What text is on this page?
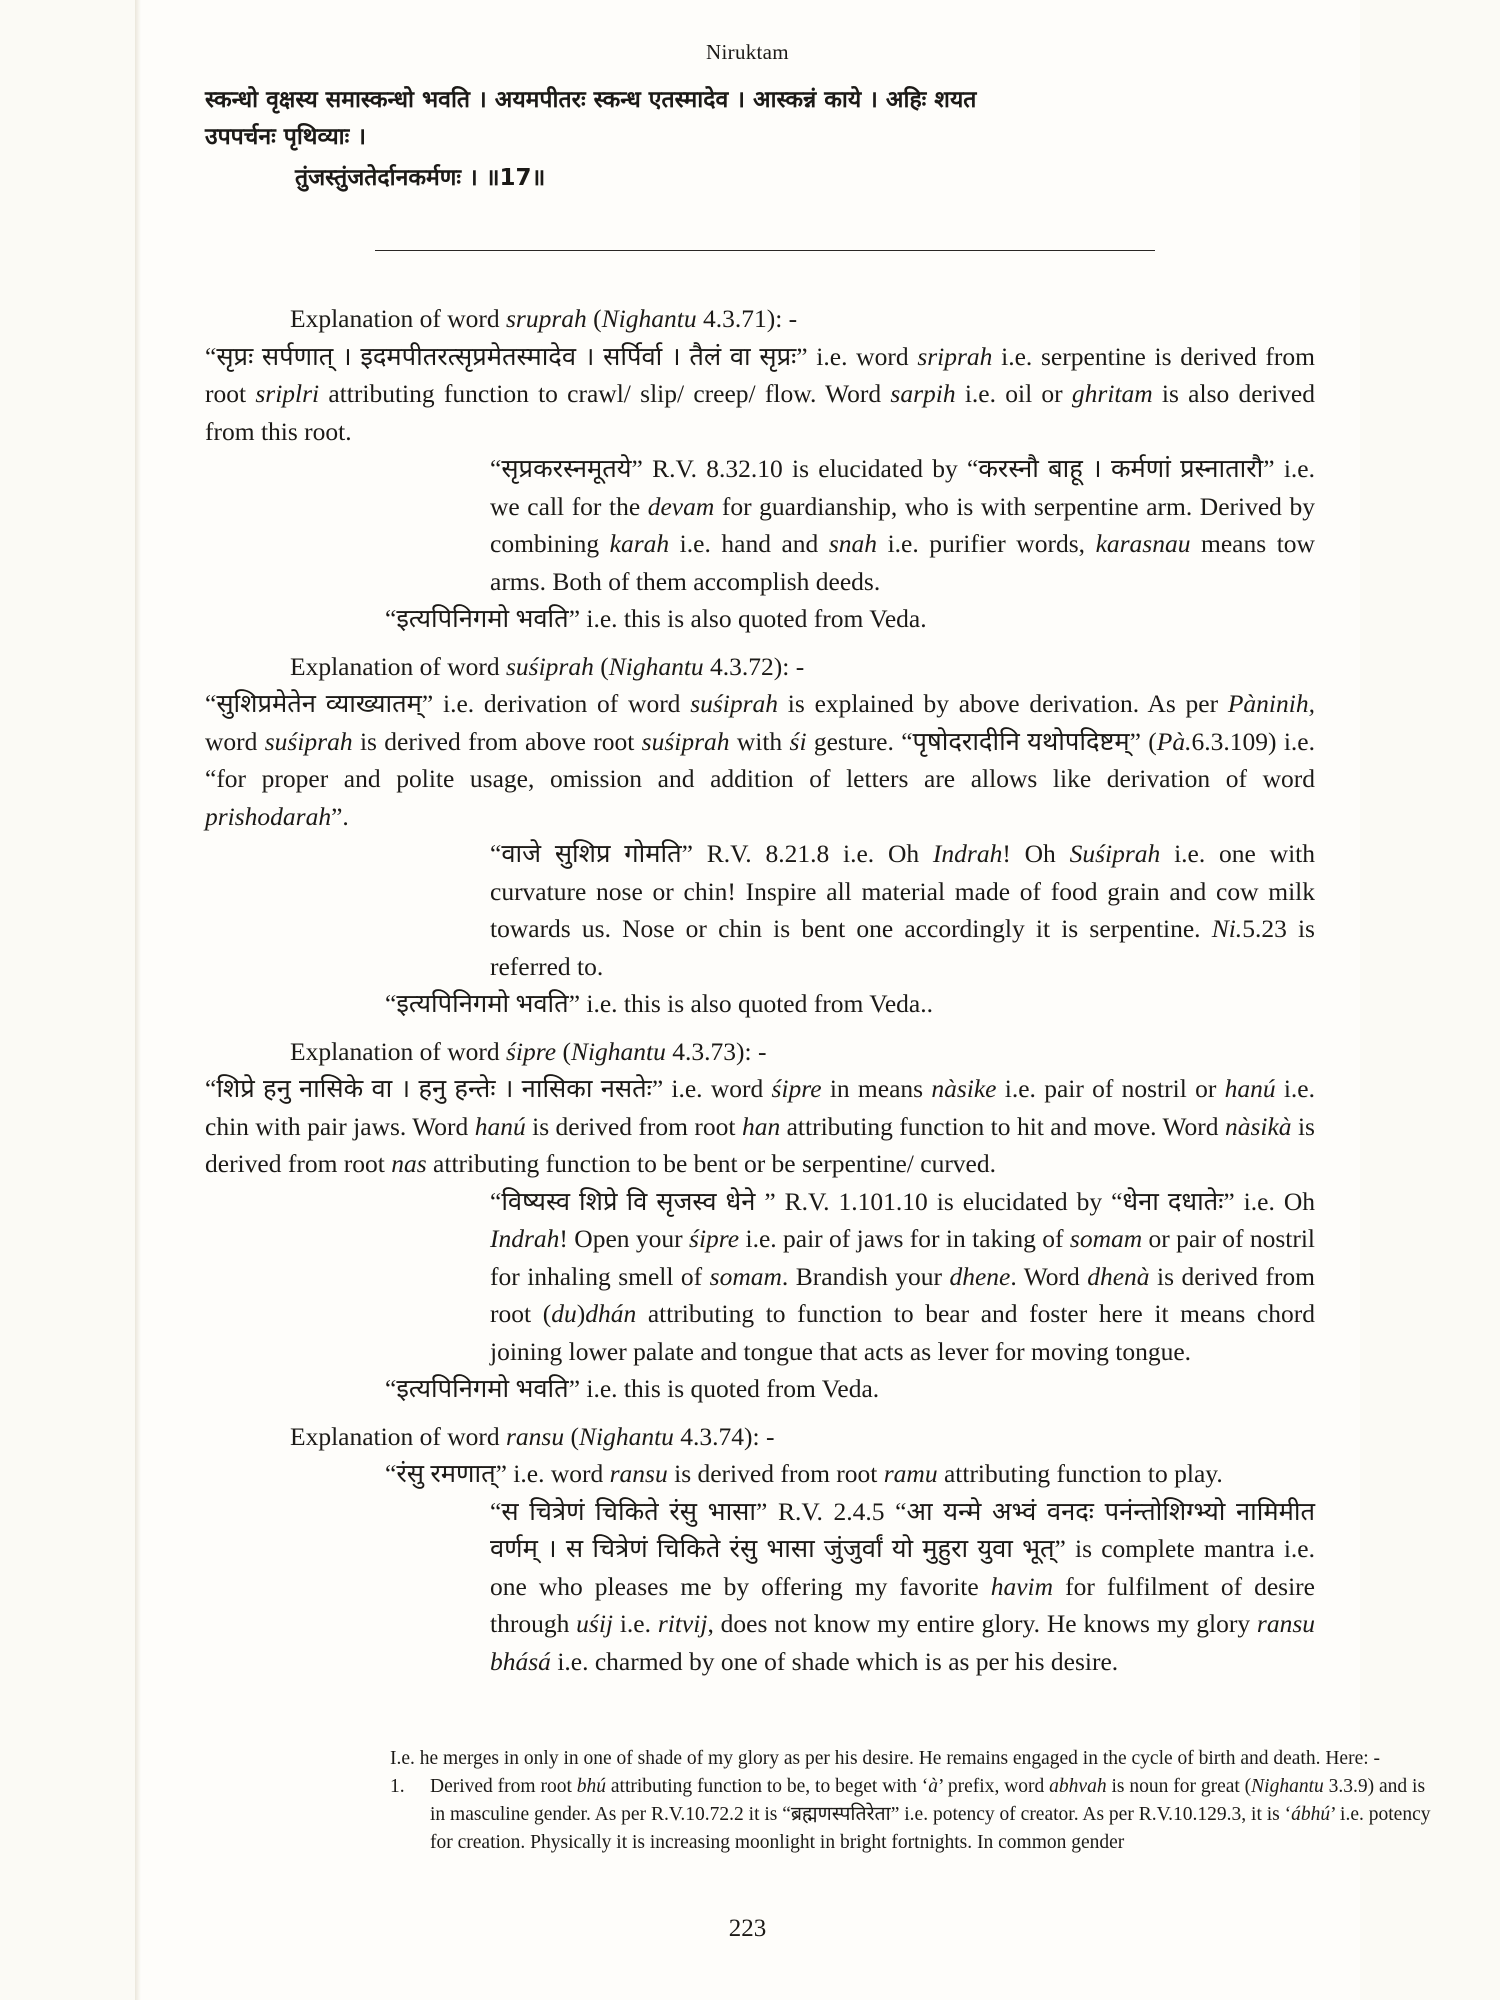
Niruktam
स्कन्धो वृक्षस्य समास्कन्धो भवति । अयमपीतरः स्कन्ध एतस्मादेव । आस्कन्नं काये । अहिः शयत
उपपर्चनः पृथिव्याः ।
तुंजस्तुंजतेर्दानकर्मणः । ॥17॥

Explanation of word sruprah (Nighantu 4.3.71): -

“सृप्रः सर्पणात् । इदमपीतरत्सृप्रमेतस्मादेव । सर्पिर्वा । तैलं वा सृप्रः” i.e. word sriprah i.e. serpentine is derived from root sriplri attributing function to crawl/ slip/ creep/ flow. Word sarpih i.e. oil or ghritam is also derived from this root.

“सृप्रकरस्नमूतये” R.V. 8.32.10 is elucidated by “करस्नौ बाहू । कर्मणां प्रस्नातारौ” i.e. we call for the devam for guardianship, who is with serpentine arm. Derived by combining karah i.e. hand and snah i.e. purifier words, karasnau means tow arms. Both of them accomplish deeds.

“इत्यपिनिगमो भवति” i.e. this is also quoted from Veda.

Explanation of word suśiprah (Nighantu 4.3.72): -

“सुशिप्रमेतेन व्याख्यातम्” i.e. derivation of word suśiprah is explained by above derivation. As per Pàninih, word suśiprah is derived from above root suśiprah with śi gesture. “पृषोदरादीनि यथोपदिष्टम्” (Pà.6.3.109) i.e. “for proper and polite usage, omission and addition of letters are allows like derivation of word prishodarah”.

“वाजे सुशिप्र गोमति” R.V. 8.21.8 i.e. Oh Indrah! Oh Suśiprah i.e. one with curvature nose or chin! Inspire all material made of food grain and cow milk towards us. Nose or chin is bent one accordingly it is serpentine. Ni.5.23 is referred to.

“इत्यपिनिगमो भवति” i.e. this is also quoted from Veda..

Explanation of word śipre (Nighantu 4.3.73): -

“शिप्रे हनु नासिके वा । हनु हन्तेः । नासिका नसतेः” i.e. word śipre in means nàsike i.e. pair of nostril or hanú i.e. chin with pair jaws. Word hanú is derived from root han attributing function to hit and move. Word nàsikà is derived from root nas attributing function to be bent or be serpentine/ curved.

“विष्यस्व शिप्रे वि सृजस्व धेने ” R.V. 1.101.10 is elucidated by “धेना दधातेः” i.e. Oh Indrah! Open your śipre i.e. pair of jaws for in taking of somam or pair of nostril for inhaling smell of somam. Brandish your dhene. Word dhenà is derived from root (du)dhán attributing to function to bear and foster here it means chord joining lower palate and tongue that acts as lever for moving tongue.

“इत्यपिनिगमो भवति” i.e. this is quoted from Veda.

Explanation of word ransu (Nighantu 4.3.74): -

“रंसु रमणात्” i.e. word ransu is derived from root ramu attributing function to play.

“स चित्रेणं चिकिते रंसु भासा” R.V. 2.4.5 “आ यन्मे अभ्वं वनदः पनंन्तोशिग्भ्यो नामिमीत वर्णम् । स चित्रेणं चिकिते रंसु भासा जुंजुर्वां यो मुहुरा युवा भूत्” is complete mantra i.e. one who pleases me by offering my favorite havim for fulfilment of desire through uśij i.e. ritvij, does not know my entire glory. He knows my glory ransu bhásá i.e. charmed by one of shade which is as per his desire.

I.e. he merges in only in one of shade of my glory as per his desire. He remains engaged in the cycle of birth and death. Here: -

1.	Derived from root bhú attributing function to be, to beget with ‘à’ prefix, word abhvah is noun for great (Nighantu 3.3.9) and is in masculine gender. As per R.V.10.72.2 it is “ब्रह्मणस्पतिरेता” i.e. potency of creator. As per R.V.10.129.3, it is ‘ábhú’ i.e. potency for creation. Physically it is increasing moonlight in bright fortnights. In common gender
223
